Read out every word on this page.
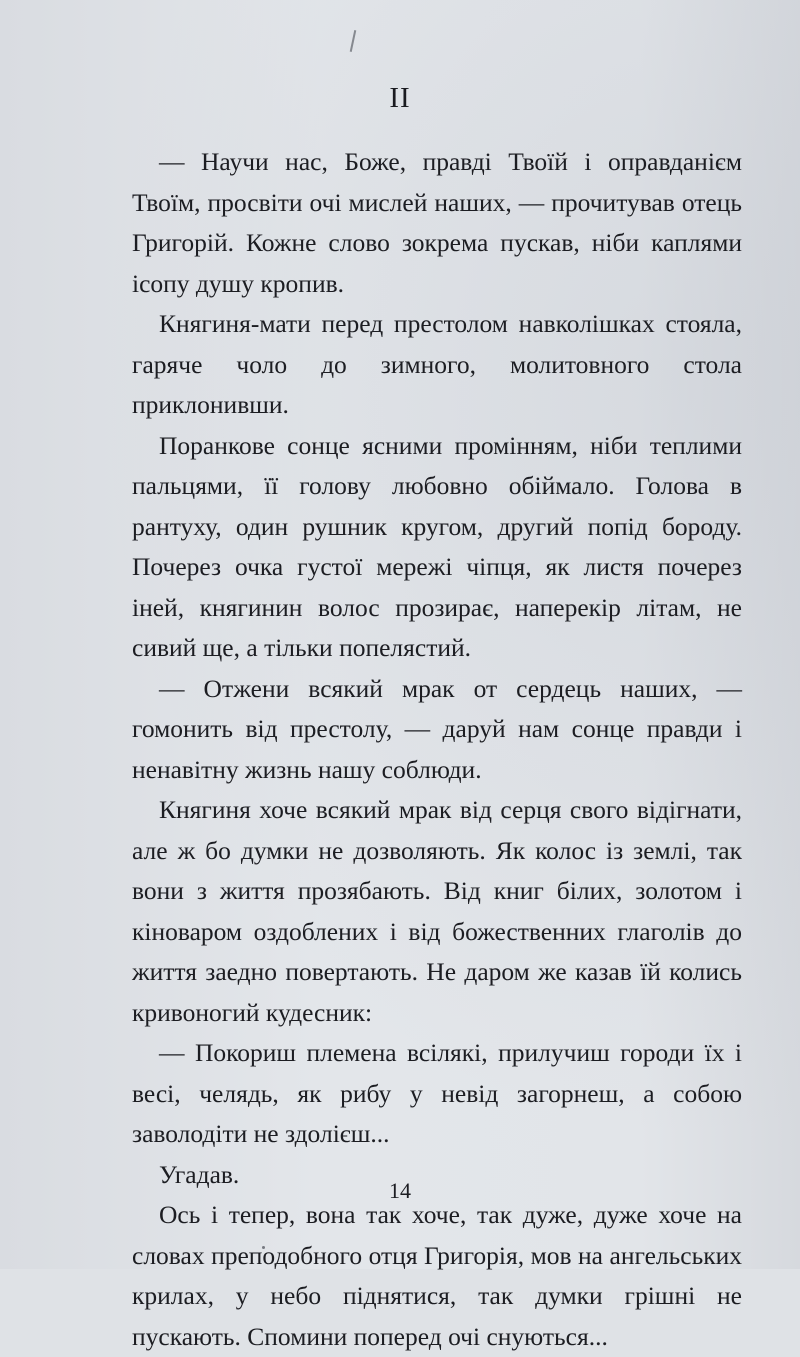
II

— Научи нас, Боже, правді Твоїй і оправданієм Твоїм, просвіти очі мислей наших, — прочитував отець Григорій. Кожне слово зокрема пускав, ніби каплями ісопу душу кропив.

Княгиня-мати перед престолом навколішках стояла, гаряче чоло до зимного, молитовного стола приклонивши.

Поранкове сонце ясними промінням, ніби теплими пальцями, її голову любовно обіймало. Голова в рантуху, один рушник кругом, другий попід бороду. Почерез очка густої мережі чіпця, як листя почерез іней, княгинин волос прозирає, наперекір літам, не сивий ще, а тільки попелястий.

— Отжени всякий мрак от сердець наших, — гомонить від престолу, — даруй нам сонце правди і ненавітну жизнь нашу соблюди.

Княгиня хоче всякий мрак від серця свого відігнати, але ж бо думки не дозволяють. Як колос із землі, так вони з життя прозябають. Від книг білих, золотом і кіноваром оздоблених і від божественних глаголів до життя заедно повертають. Не даром же казав їй колись кривоногий кудесник:

— Покориш племена всілякі, прилучиш городи їх і весі, челядь, як рибу у невід загорнеш, а собою заволодіти не здолієш...

Угадав.

Ось і тепер, вона так хоче, так дуже, дуже хоче на словах преподобного отця Григорія, мов на ангельських крилах, у небо піднятися, так думки грішні не пускають. Спомини поперед очі снуються...

14
